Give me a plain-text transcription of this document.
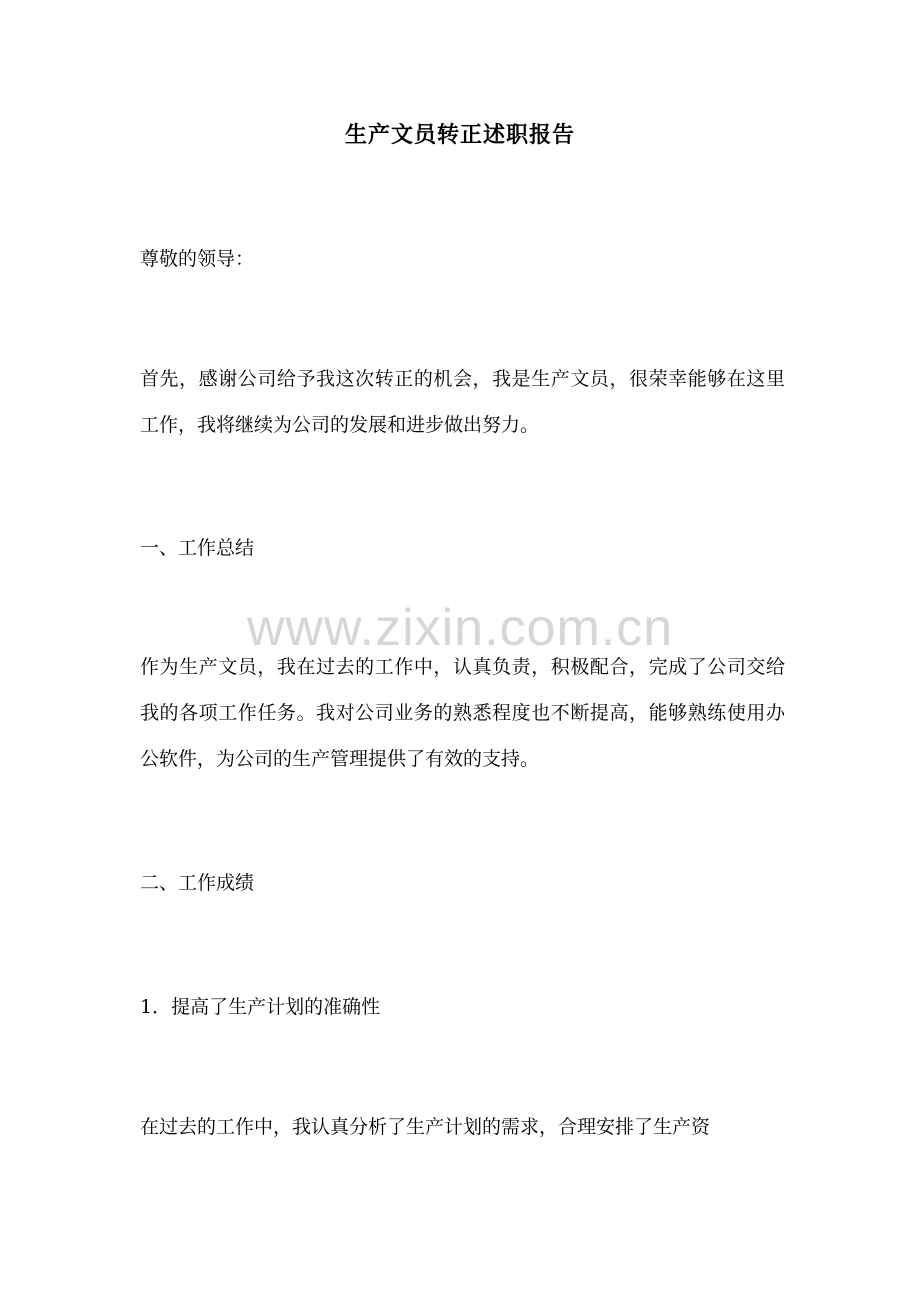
生产文员转正述职报告
尊敬的领导：
首先，感谢公司给予我这次转正的机会，我是生产文员，很荣幸能够在这里工作，我将继续为公司的发展和进步做出努力。
一、工作总结
www.zixin.com.cn
作为生产文员，我在过去的工作中，认真负责，积极配合，完成了公司交给我的各项工作任务。我对公司业务的熟悉程度也不断提高，能够熟练使用办公软件，为公司的生产管理提供了有效的支持。
二、工作成绩
1．提高了生产计划的准确性
在过去的工作中，我认真分析了生产计划的需求，合理安排了生产资
